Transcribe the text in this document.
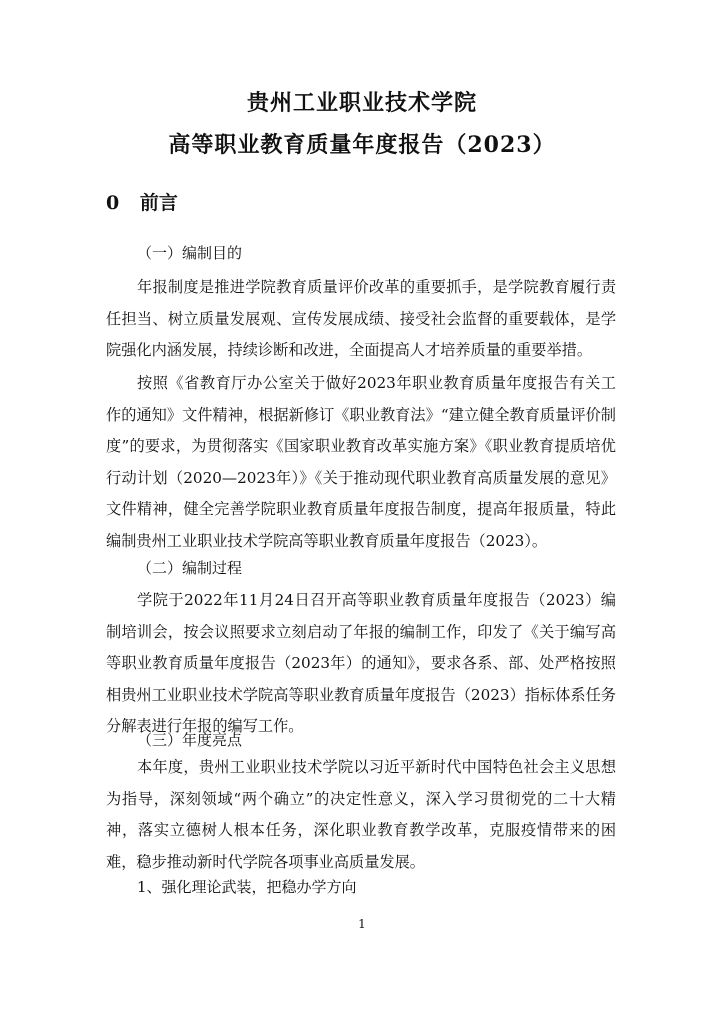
贵州工业职业技术学院
高等职业教育质量年度报告（2023）
0 前言
（一）编制目的

年报制度是推进学院教育质量评价改革的重要抓手，是学院教育履行责任担当、树立质量发展观、宣传发展成绩、接受社会监督的重要载体，是学院强化内涵发展，持续诊断和改进，全面提高人才培养质量的重要举措。

按照《省教育厅办公室关于做好2023年职业教育质量年度报告有关工作的通知》文件精神，根据新修订《职业教育法》“建立健全教育质量评价制度”的要求，为贯彻落实《国家职业教育改革实施方案》《职业教育提质培优行动计划（2020—2023年）》《关于推动现代职业教育高质量发展的意见》文件精神，健全完善学院职业教育质量年度报告制度，提高年报质量，特此编制贵州工业职业技术学院高等职业教育质量年度报告（2023）。

（二）编制过程

学院于2022年11月24日召开高等职业教育质量年度报告（2023）编制培训会，按会议照要求立刻启动了年报的编制工作，印发了《关于编写高等职业教育质量年度报告（2023年）的通知》，要求各系、部、处严格按照相贵州工业职业技术学院高等职业教育质量年度报告（2023）指标体系任务分解表进行年报的编写工作。

（三）年度亮点

本年度，贵州工业职业技术学院以习近平新时代中国特色社会主义思想为指导，深刻领域“两个确立”的决定性意义，深入学习贯彻党的二十大精神，落实立德树人根本任务，深化职业教育教学改革，克服疫情带来的困难，稳步推动新时代学院各项事业高质量发展。

1、强化理论武装，把稳办学方向
1
